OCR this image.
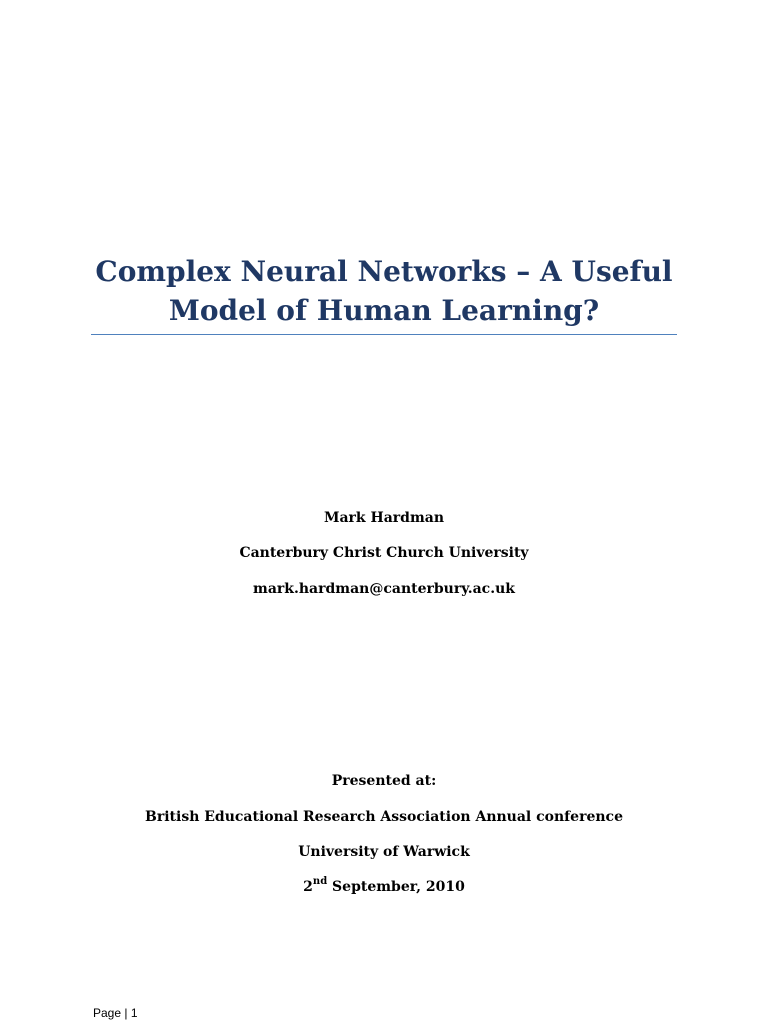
Complex Neural Networks – A Useful
Model of Human Learning?
Mark Hardman
Canterbury Christ Church University
mark.hardman@canterbury.ac.uk
Presented at:
British Educational Research Association Annual conference
University of Warwick
2nd September, 2010
Page | 1
